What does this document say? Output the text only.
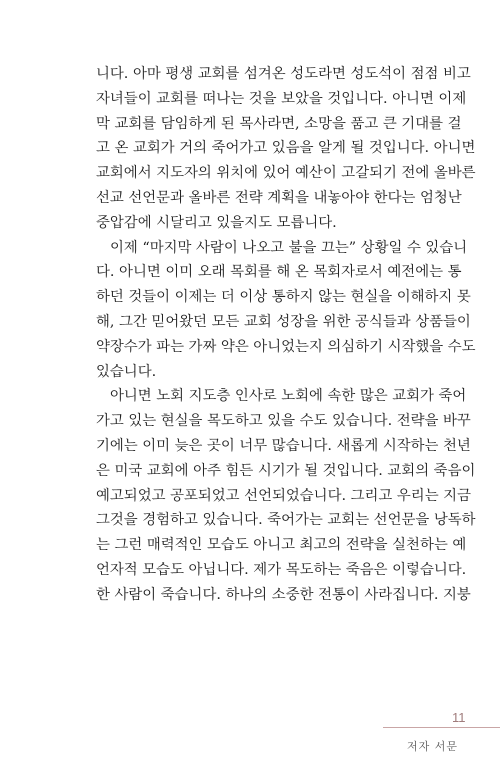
니다. 아마 평생 교회를 섬겨온 성도라면 성도석이 점점 비고
자녀들이 교회를 떠나는 것을 보았을 것입니다. 아니면 이제
막 교회를 담임하게 된 목사라면, 소망을 품고 큰 기대를 걸
고 온 교회가 거의 죽어가고 있음을 알게 될 것입니다. 아니면
교회에서 지도자의 위치에 있어 예산이 고갈되기 전에 올바른
선교 선언문과 올바른 전략 계획을 내놓아야 한다는 엄청난
중압감에 시달리고 있을지도 모릅니다.
이제 “마지막 사람이 나오고 불을 끄는” 상황일 수 있습니
다. 아니면 이미 오래 목회를 해 온 목회자로서 예전에는 통
하던 것들이 이제는 더 이상 통하지 않는 현실을 이해하지 못
해, 그간 믿어왔던 모든 교회 성장을 위한 공식들과 상품들이
약장수가 파는 가짜 약은 아니었는지 의심하기 시작했을 수도
있습니다.
아니면 노회 지도층 인사로 노회에 속한 많은 교회가 죽어
가고 있는 현실을 목도하고 있을 수도 있습니다. 전략을 바꾸
기에는 이미 늦은 곳이 너무 많습니다. 새롭게 시작하는 천년
은 미국 교회에 아주 힘든 시기가 될 것입니다. 교회의 죽음이
예고되었고 공포되었고 선언되었습니다. 그리고 우리는 지금
그것을 경험하고 있습니다. 죽어가는 교회는 선언문을 낭독하
는 그런 매력적인 모습도 아니고 최고의 전략을 실천하는 예
언자적 모습도 아닙니다. 제가 목도하는 죽음은 이렇습니다.
한 사람이 죽습니다. 하나의 소중한 전통이 사라집니다. 지붕
11
저자 서문
